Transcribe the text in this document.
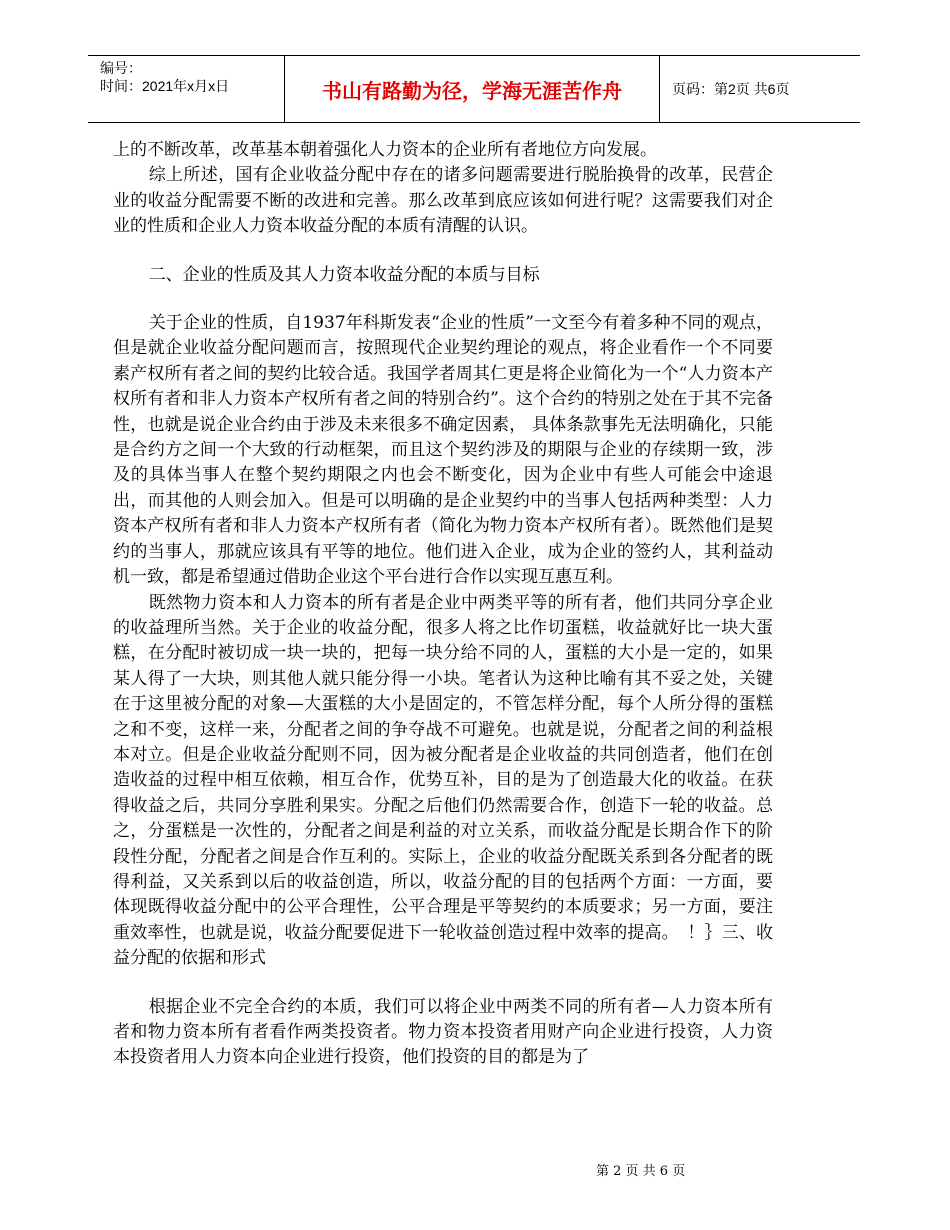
编号：
时间：2021年x月x日	书山有路勤为径，学海无涯苦作舟	页码：第2页 共6页

上的不断改革，改革基本朝着强化人力资本的企业所有者地位方向发展。

综上所述，国有企业收益分配中存在的诸多问题需要进行脱胎换骨的改革，民营企业的收益分配需要不断的改进和完善。那么改革到底应该如何进行呢？这需要我们对企业的性质和企业人力资本收益分配的本质有清醒的认识。

二、企业的性质及其人力资本收益分配的本质与目标

关于企业的性质，自1937年科斯发表“企业的性质”一文至今有着多种不同的观点，但是就企业收益分配问题而言，按照现代企业契约理论的观点，将企业看作一个不同要素产权所有者之间的契约比较合适。我国学者周其仁更是将企业简化为一个“人力资本产权所有者和非人力资本产权所有者之间的特别合约”。这个合约的特别之处在于其不完备性，也就是说企业合约由于涉及未来很多不确定因素， 具体条款事先无法明确化，只能是合约方之间一个大致的行动框架，而且这个契约涉及的期限与企业的存续期一致，涉及的具体当事人在整个契约期限之内也会不断变化，因为企业中有些人可能会中途退出，而其他的人则会加入。但是可以明确的是企业契约中的当事人包括两种类型：人力资本产权所有者和非人力资本产权所有者（简化为物力资本产权所有者）。既然他们是契约的当事人，那就应该具有平等的地位。他们进入企业，成为企业的签约人，其利益动机一致，都是希望通过借助企业这个平台进行合作以实现互惠互利。

既然物力资本和人力资本的所有者是企业中两类平等的所有者，他们共同分享企业的收益理所当然。关于企业的收益分配，很多人将之比作切蛋糕，收益就好比一块大蛋糕，在分配时被切成一块一块的，把每一块分给不同的人，蛋糕的大小是一定的，如果某人得了一大块，则其他人就只能分得一小块。笔者认为这种比喻有其不妥之处，关键在于这里被分配的对象—大蛋糕的大小是固定的，不管怎样分配，每个人所分得的蛋糕之和不变，这样一来，分配者之间的争夺战不可避免。也就是说，分配者之间的利益根本对立。但是企业收益分配则不同，因为被分配者是企业收益的共同创造者，他们在创造收益的过程中相互依赖，相互合作，优势互补，目的是为了创造最大化的收益。在获得收益之后，共同分享胜利果实。分配之后他们仍然需要合作，创造下一轮的收益。总之，分蛋糕是一次性的，分配者之间是利益的对立关系，而收益分配是长期合作下的阶段性分配，分配者之间是合作互利的。实际上，企业的收益分配既关系到各分配者的既得利益，又关系到以后的收益创造，所以，收益分配的目的包括两个方面：一方面，要体现既得收益分配中的公平合理性，公平合理是平等契约的本质要求；另一方面，要注重效率性，也就是说，收益分配要促进下一轮收益创造过程中效率的提高。　！｝三、收益分配的依据和形式

根据企业不完全合约的本质，我们可以将企业中两类不同的所有者—人力资本所有者和物力资本所有者看作两类投资者。物力资本投资者用财产向企业进行投资，人力资本投资者用人力资本向企业进行投资，他们投资的目的都是为了

第 2 页 共 6 页
